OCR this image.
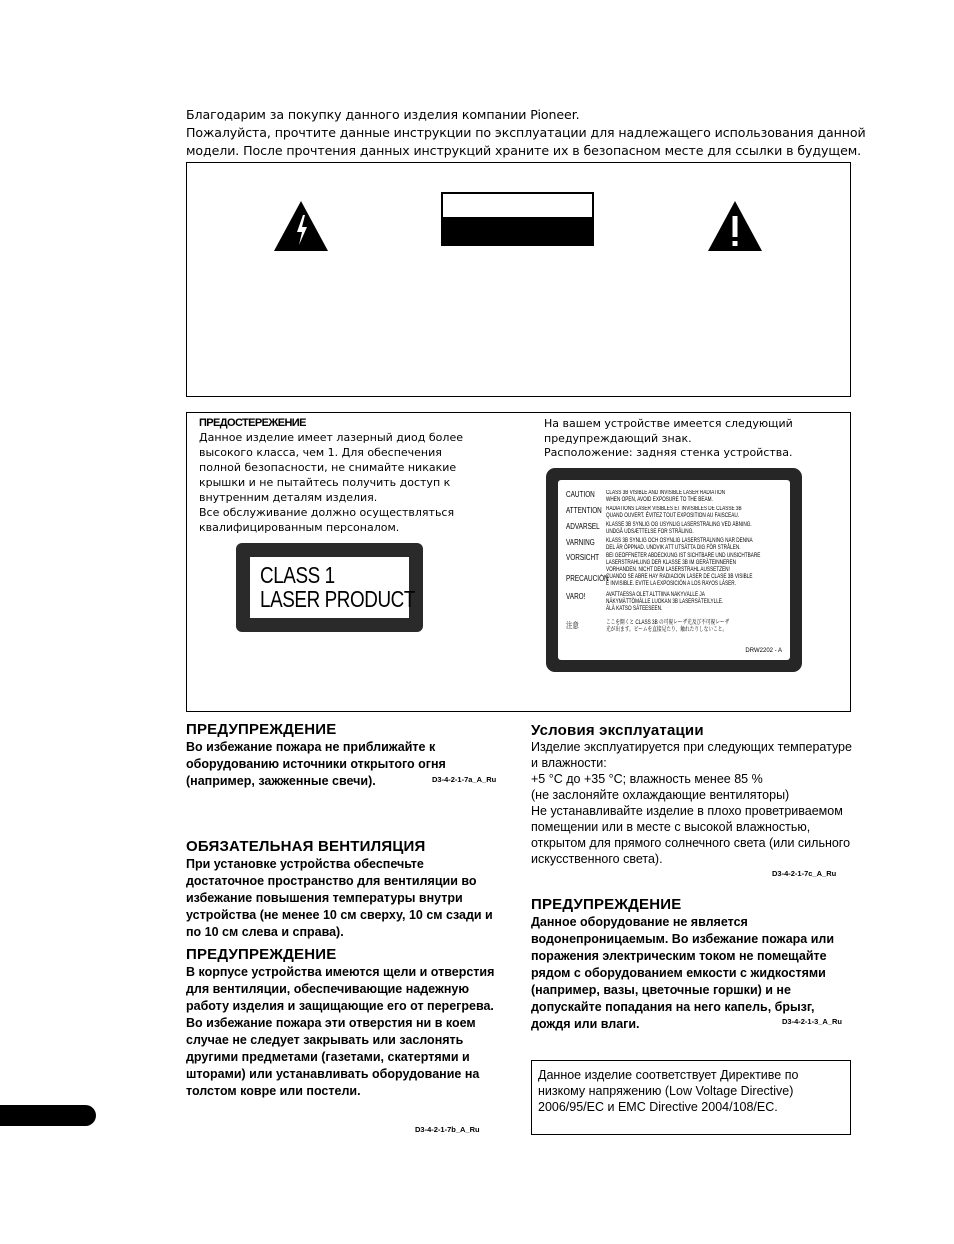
Благодарим за покупку данного изделия компании Pioneer.
Пожалуйста, прочтите данные инструкции по эксплуатации для надлежащего использования данной модели. После прочтения данных инструкций храните их в безопасном месте для ссылки в будущем.
ПРЕДОСТЕРЕЖЕНИЕ
Данное изделие имеет лазерный диод более высокого класса, чем 1. Для обеспечения полной безопасности, не снимайте никакие крышки и не пытайтесь получить доступ к внутренним деталям изделия.
Все обслуживание должно осуществляться квалифицированным персоналом.
CLASS 1
LASER PRODUCT
На вашем устройстве имеется следующий предупреждающий знак.
Расположение: задняя стенка устройства.
DRW2202 - A
CAUTION CLASS 3B VISIBLE AND INVISIBLE LASER RADIATION
WHEN OPEN, AVOID EXPOSURE TO THE BEAM.
ATTENTION RADIATIONS LASER VISIBLES ET INVISIBLES DE CLASSE 3B
QUAND OUVERT. ÉVITEZ TOUT EXPOSITION AU FAISCEAU.
ADVARSEL KLASSE 3B SYNLIG OG USYNLIG LASERSTRÅLING VED ÅBNING.
UNDGÅ UDSÆTTELSE FOR STRÅLING.
VARNING KLASS 3B SYNLIG OCH OSYNLIG LASERSTRÅLNING NÄR DENNA
DEL ÄR ÖPPNAD. UNDVIK ATT UTSÄTTA DIG FÖR STRÅLEN.
VORSICHT BEI GEÖFFNETER ABDECKUNG IST SICHTBARE UND UNSICHTBARE
LASERSTRAHLUNG DER KLASSE 3B IM GERÄTEINNEREN
VORHANDEN. NICHT DEM LASERSTRAHL AUSSETZEN!
PRECAUCIÓN
CUANDO SE ABRE HAY RADIACIÓN LÁSER DE CLASE 3B VISIBLE
E INVISIBLE. EVITE LA EXPOSICIÓN A LOS RAYOS LÁSER.
VARO!	AVATTAESSA OLET ALTTIINA NÄKYVÄLLE JA
NÄKYMÄTTÖMÄLLE LUOKAN 3B LASERSÄTEILYLLE.
ÄLÄ KATSO SÄTEESEEN.
注意	ここを開くと CLASS 3B の可視レーザ光及び不可視レーザ
光が出ます。ビームを直接見たり、触れたりしないこと。
ПРЕДУПРЕЖДЕНИЕ
Во избежание пожара не приближайте к оборудованию источники открытого огня (например, зажженные свечи).	D3-4-2-1-7a_A_Ru
ОБЯЗАТЕЛЬНАЯ ВЕНТИЛЯЦИЯ
При установке устройства обеспечьте достаточное пространство для вентиляции во избежание повышения температуры внутри устройства (не менее 10 см сверху, 10 см сзади и по 10 см слева и справа).
ПРЕДУПРЕЖДЕНИЕ
В корпусе устройства имеются щели и отверстия для вентиляции, обеспечивающие надежную работу изделия и защищающие его от перегрева. Во избежание пожара эти отверстия ни в коем случае не следует закрывать или заслонять другими предметами (газетами, скатертями и шторами) или устанавливать оборудование на толстом ковре или постели.
D3-4-2-1-7b_A_Ru
Условия эксплуатации
Изделие эксплуатируется при следующих температуре и влажности:
+5 °C до +35 °C; влажность менее 85 %
(не заслоняйте охлаждающие вентиляторы)
Не устанавливайте изделие в плохо проветриваемом помещении или в месте с высокой влажностью, открытом для прямого солнечного света (или сильного искусственного света).
D3-4-2-1-7c_A_Ru
ПРЕДУПРЕЖДЕНИЕ
Данное оборудование не является водонепроницаемым. Во избежание пожара или поражения электрическим током не помещайте рядом с оборудованием емкости с жидкостями (например, вазы, цветочные горшки) и не допускайте попадания на него капель, брызг, дождя или влаги.	D3-4-2-1-3_A_Ru
Данное изделие соответствует Директиве по низкому напряжению (Low Voltage Directive) 2006/95/EC и EMC Directive 2004/108/EC.
